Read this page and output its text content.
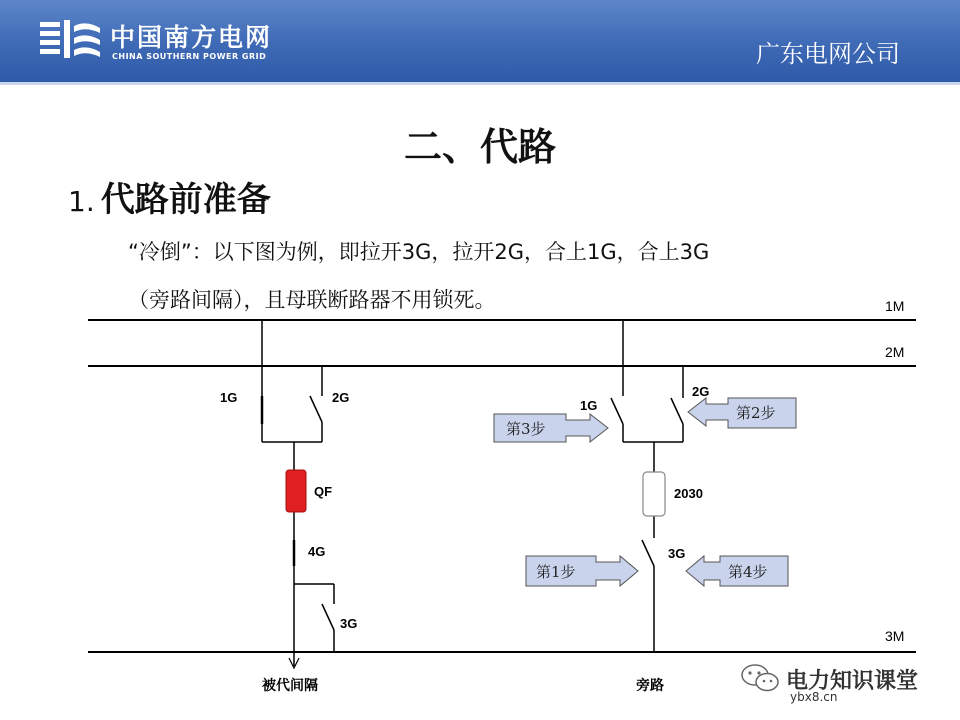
中国南方电网
CHINA SOUTHERN POWER GRID	广东电网公司
二、代路
1. 代路前准备
“冷倒”：以下图为例，即拉开3G，拉开2G，合上1G，合上3G
（旁路间隔），且母联断路器不用锁死。	1M
2M
3M
1G	2G
QF
4G
3G
被代间隔
1G
2G
2030
3G
旁路
第3步
第2步
第1步	第4步
电力知识课堂
ybx8.cn
